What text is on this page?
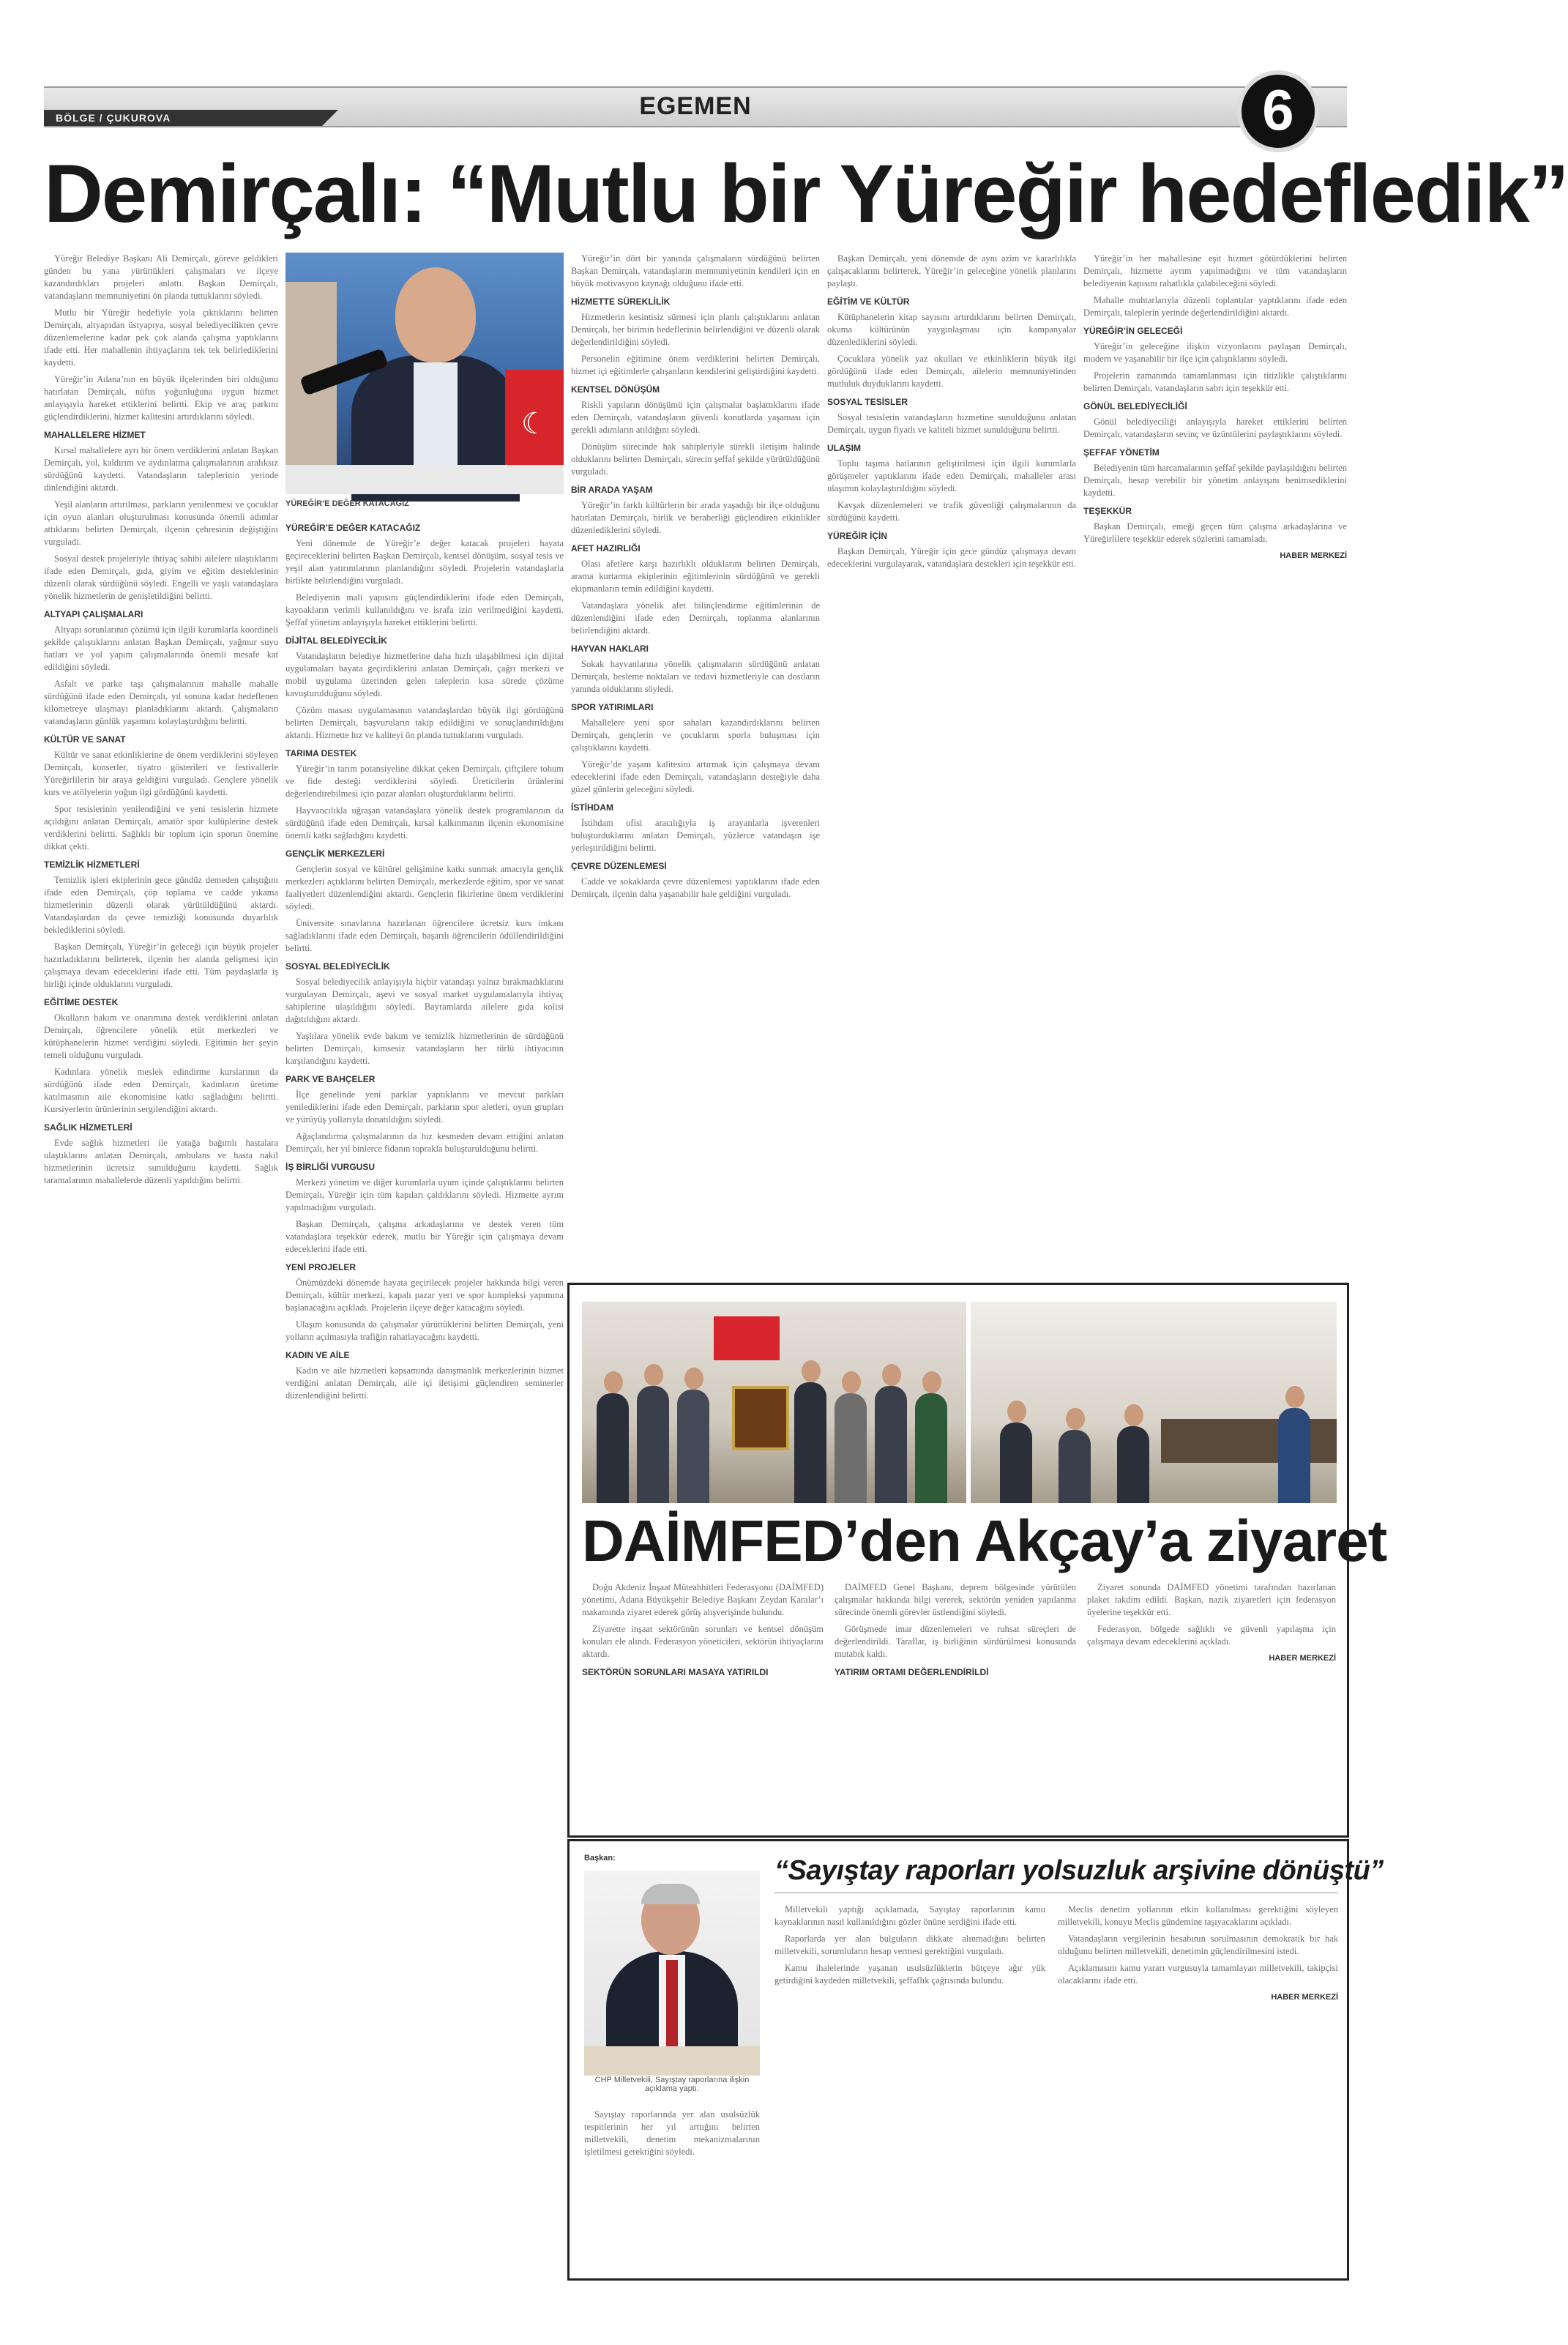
BÖLGE / ÇUKUROVA	EGEMEN	6
Demirçalı: “Mutlu bir Yüreğir hedefledik”

Yüreğir Belediye Başkanı Ali Demirçalı, göreve geldikleri günden bu yana yürüttükleri çalışmaları ve ilçeye kazandırdıkları projeleri anlattı. Başkan Demirçalı, vatandaşların memnuniyetini ön planda tuttuklarını söyledi.

Mutlu bir Yüreğir hedefiyle yola çıktıklarını belirten Demirçalı, altyapıdan üstyapıya, sosyal belediyecilikten çevre düzenlemelerine kadar pek çok alanda çalışma yaptıklarını ifade etti. Her mahallenin ihtiyaçlarını tek tek belirlediklerini kaydetti.

Yüreğir’in Adana’nın en büyük ilçelerinden biri olduğunu hatırlatan Demirçalı, nüfus yoğunluğuna uygun hizmet anlayışıyla hareket ettiklerini belirtti. Ekip ve araç parkını güçlendirdiklerini, hizmet kalitesini artırdıklarını söyledi.

MAHALLELERE HİZMET

Kırsal mahallelere ayrı bir önem verdiklerini anlatan Başkan Demirçalı, yol, kaldırım ve aydınlatma çalışmalarının aralıksız sürdüğünü kaydetti. Vatandaşların taleplerinin yerinde dinlendiğini aktardı.

Yeşil alanların artırılması, parkların yenilenmesi ve çocuklar için oyun alanları oluşturulması konusunda önemli adımlar attıklarını belirten Demirçalı, ilçenin çehresinin değiştiğini vurguladı.

Sosyal destek projeleriyle ihtiyaç sahibi ailelere ulaştıklarını ifade eden Demirçalı, gıda, giyim ve eğitim desteklerinin düzenli olarak sürdüğünü söyledi. Engelli ve yaşlı vatandaşlara yönelik hizmetlerin de genişletildiğini belirtti.

ALTYAPI ÇALIŞMALARI

Altyapı sorunlarının çözümü için ilgili kurumlarla koordineli şekilde çalıştıklarını anlatan Başkan Demirçalı, yağmur suyu hatları ve yol yapım çalışmalarında önemli mesafe kat edildiğini söyledi.

Asfalt ve parke taşı çalışmalarının mahalle mahalle sürdüğünü ifade eden Demirçalı, yıl sonuna kadar hedeflenen kilometreye ulaşmayı planladıklarını aktardı. Çalışmaların vatandaşların günlük yaşamını kolaylaştırdığını belirtti.

KÜLTÜR VE SANAT

Kültür ve sanat etkinliklerine de önem verdiklerini söyleyen Demirçalı, konserler, tiyatro gösterileri ve festivallerle Yüreğirlilerin bir araya geldiğini vurguladı. Gençlere yönelik kurs ve atölyelerin yoğun ilgi gördüğünü kaydetti.

Spor tesislerinin yenilendiğini ve yeni tesislerin hizmete açıldığını anlatan Demirçalı, amatör spor kulüplerine destek verdiklerini belirtti. Sağlıklı bir toplum için sporun önemine dikkat çekti.

TEMİZLİK HİZMETLERİ

Temizlik işleri ekiplerinin gece gündüz demeden çalıştığını ifade eden Demirçalı, çöp toplama ve cadde yıkama hizmetlerinin düzenli olarak yürütüldüğünü aktardı. Vatandaşlardan da çevre temizliği konusunda duyarlılık beklediklerini söyledi.

Başkan Demirçalı, Yüreğir’in geleceği için büyük projeler hazırladıklarını belirterek, ilçenin her alanda gelişmesi için çalışmaya devam edeceklerini ifade etti. Tüm paydaşlarla iş birliği içinde olduklarını vurguladı.

EĞİTİME DESTEK

Okulların bakım ve onarımına destek verdiklerini anlatan Demirçalı, öğrencilere yönelik etüt merkezleri ve kütüphanelerin hizmet verdiğini söyledi. Eğitimin her şeyin temeli olduğunu vurguladı.

Kadınlara yönelik meslek edindirme kurslarının da sürdüğünü ifade eden Demirçalı, kadınların üretime katılmasının aile ekonomisine katkı sağladığını belirtti. Kursiyerlerin ürünlerinin sergilendiğini aktardı.

SAĞLIK HİZMETLERİ

Evde sağlık hizmetleri ile yatağa bağımlı hastalara ulaştıklarını anlatan Demirçalı, ambulans ve hasta nakil hizmetlerinin ücretsiz sunulduğunu kaydetti. Sağlık taramalarının mahallelerde düzenli yapıldığını belirtti.

☾
YÜREĞİR’E DEĞER KATACAĞIZ
YÜREĞİR’E DEĞER KATACAĞIZ

Yeni dönemde de Yüreğir’e değer katacak projeleri hayata geçireceklerini belirten Başkan Demirçalı, kentsel dönüşüm, sosyal tesis ve yeşil alan yatırımlarının planlandığını söyledi. Projelerin vatandaşlarla birlikte belirlendiğini vurguladı.

Belediyenin mali yapısını güçlendirdiklerini ifade eden Demirçalı, kaynakların verimli kullanıldığını ve israfa izin verilmediğini kaydetti. Şeffaf yönetim anlayışıyla hareket ettiklerini belirtti.

DİJİTAL BELEDİYECİLİK

Vatandaşların belediye hizmetlerine daha hızlı ulaşabilmesi için dijital uygulamaları hayata geçirdiklerini anlatan Demirçalı, çağrı merkezi ve mobil uygulama üzerinden gelen taleplerin kısa sürede çözüme kavuşturulduğunu söyledi.

Çözüm masası uygulamasının vatandaşlardan büyük ilgi gördüğünü belirten Demirçalı, başvuruların takip edildiğini ve sonuçlandırıldığını aktardı. Hizmette hız ve kaliteyi ön planda tuttuklarını vurguladı.

TARIMA DESTEK

Yüreğir’in tarım potansiyeline dikkat çeken Demirçalı, çiftçilere tohum ve fide desteği verdiklerini söyledi. Üreticilerin ürünlerini değerlendirebilmesi için pazar alanları oluşturduklarını belirtti.

Hayvancılıkla uğraşan vatandaşlara yönelik destek programlarının da sürdüğünü ifade eden Demirçalı, kırsal kalkınmanın ilçenin ekonomisine önemli katkı sağladığını kaydetti.

GENÇLİK MERKEZLERİ

Gençlerin sosyal ve kültürel gelişimine katkı sunmak amacıyla gençlik merkezleri açtıklarını belirten Demirçalı, merkezlerde eğitim, spor ve sanat faaliyetleri düzenlendiğini aktardı. Gençlerin fikirlerine önem verdiklerini söyledi.

Üniversite sınavlarına hazırlanan öğrencilere ücretsiz kurs imkanı sağladıklarını ifade eden Demirçalı, başarılı öğrencilerin ödüllendirildiğini belirtti.

SOSYAL BELEDİYECİLİK

Sosyal belediyecilik anlayışıyla hiçbir vatandaşı yalnız bırakmadıklarını vurgulayan Demirçalı, aşevi ve sosyal market uygulamalarıyla ihtiyaç sahiplerine ulaşıldığını söyledi. Bayramlarda ailelere gıda kolisi dağıtıldığını aktardı.

Yaşlılara yönelik evde bakım ve temizlik hizmetlerinin de sürdüğünü belirten Demirçalı, kimsesiz vatandaşların her türlü ihtiyacının karşılandığını kaydetti.

PARK VE BAHÇELER

İlçe genelinde yeni parklar yaptıklarını ve mevcut parkları yenilediklerini ifade eden Demirçalı, parkların spor aletleri, oyun grupları ve yürüyüş yollarıyla donatıldığını söyledi.

Ağaçlandırma çalışmalarının da hız kesmeden devam ettiğini anlatan Demirçalı, her yıl binlerce fidanın toprakla buluşturulduğunu belirtti.

İŞ BİRLİĞİ VURGUSU

Merkezi yönetim ve diğer kurumlarla uyum içinde çalıştıklarını belirten Demirçalı, Yüreğir için tüm kapıları çaldıklarını söyledi. Hizmette ayrım yapılmadığını vurguladı.

Başkan Demirçalı, çalışma arkadaşlarına ve destek veren tüm vatandaşlara teşekkür ederek, mutlu bir Yüreğir için çalışmaya devam edeceklerini ifade etti.

YENİ PROJELER

Önümüzdeki dönemde hayata geçirilecek projeler hakkında bilgi veren Demirçalı, kültür merkezi, kapalı pazar yeri ve spor kompleksi yapımına başlanacağını açıkladı. Projelerin ilçeye değer katacağını söyledi.

Ulaşım konusunda da çalışmalar yürüttüklerini belirten Demirçalı, yeni yolların açılmasıyla trafiğin rahatlayacağını kaydetti.

KADIN VE AİLE

Kadın ve aile hizmetleri kapsamında danışmanlık merkezlerinin hizmet verdiğini anlatan Demirçalı, aile içi iletişimi güçlendiren seminerler düzenlendiğini belirtti.

Yüreğir’in dört bir yanında çalışmaların sürdüğünü belirten Başkan Demirçalı, vatandaşların memnuniyetinin kendileri için en büyük motivasyon kaynağı olduğunu ifade etti.

HİZMETTE SÜREKLİLİK

Hizmetlerin kesintisiz sürmesi için planlı çalıştıklarını anlatan Demirçalı, her birimin hedeflerinin belirlendiğini ve düzenli olarak değerlendirildiğini söyledi.

Personelin eğitimine önem verdiklerini belirten Demirçalı, hizmet içi eğitimlerle çalışanların kendilerini geliştirdiğini kaydetti.

KENTSEL DÖNÜŞÜM

Riskli yapıların dönüşümü için çalışmalar başlattıklarını ifade eden Demirçalı, vatandaşların güvenli konutlarda yaşaması için gerekli adımların atıldığını söyledi.

Dönüşüm sürecinde hak sahipleriyle sürekli iletişim halinde olduklarını belirten Demirçalı, sürecin şeffaf şekilde yürütüldüğünü vurguladı.

BİR ARADA YAŞAM

Yüreğir’in farklı kültürlerin bir arada yaşadığı bir ilçe olduğunu hatırlatan Demirçalı, birlik ve beraberliği güçlendiren etkinlikler düzenlediklerini söyledi.

AFET HAZIRLIĞI

Olası afetlere karşı hazırlıklı olduklarını belirten Demirçalı, arama kurtarma ekiplerinin eğitimlerinin sürdüğünü ve gerekli ekipmanların temin edildiğini kaydetti.

Vatandaşlara yönelik afet bilinçlendirme eğitimlerinin de düzenlendiğini ifade eden Demirçalı, toplanma alanlarının belirlendiğini aktardı.

HAYVAN HAKLARI

Sokak hayvanlarına yönelik çalışmaların sürdüğünü anlatan Demirçalı, besleme noktaları ve tedavi hizmetleriyle can dostların yanında olduklarını söyledi.

SPOR YATIRIMLARI

Mahallelere yeni spor sahaları kazandırdıklarını belirten Demirçalı, gençlerin ve çocukların sporla buluşması için çalıştıklarını kaydetti.

Yüreğir’de yaşam kalitesini artırmak için çalışmaya devam edeceklerini ifade eden Demirçalı, vatandaşların desteğiyle daha güzel günlerin geleceğini söyledi.

İSTİHDAM

İstihdam ofisi aracılığıyla iş arayanlarla işverenleri buluşturduklarını anlatan Demirçalı, yüzlerce vatandaşın işe yerleştirildiğini belirtti.

ÇEVRE DÜZENLEMESİ

Cadde ve sokaklarda çevre düzenlemesi yaptıklarını ifade eden Demirçalı, ilçenin daha yaşanabilir hale geldiğini vurguladı.

Başkan Demirçalı, yeni dönemde de aynı azim ve kararlılıkla çalışacaklarını belirterek, Yüreğir’in geleceğine yönelik planlarını paylaştı.

EĞİTİM VE KÜLTÜR

Kütüphanelerin kitap sayısını artırdıklarını belirten Demirçalı, okuma kültürünün yaygınlaşması için kampanyalar düzenlediklerini söyledi.

Çocuklara yönelik yaz okulları ve etkinliklerin büyük ilgi gördüğünü ifade eden Demirçalı, ailelerin memnuniyetinden mutluluk duyduklarını kaydetti.

SOSYAL TESİSLER

Sosyal tesislerin vatandaşların hizmetine sunulduğunu anlatan Demirçalı, uygun fiyatlı ve kaliteli hizmet sunulduğunu belirtti.

ULAŞIM

Toplu taşıma hatlarının geliştirilmesi için ilgili kurumlarla görüşmeler yaptıklarını ifade eden Demirçalı, mahalleler arası ulaşımın kolaylaştırıldığını söyledi.

Kavşak düzenlemeleri ve trafik güvenliği çalışmalarının da sürdüğünü kaydetti.

YÜREĞİR İÇİN

Başkan Demirçalı, Yüreğir için gece gündüz çalışmaya devam edeceklerini vurgulayarak, vatandaşlara destekleri için teşekkür etti.

Yüreğir’in her mahallesine eşit hizmet götürdüklerini belirten Demirçalı, hizmette ayrım yapılmadığını ve tüm vatandaşların belediyenin kapısını rahatlıkla çalabileceğini söyledi.

Mahalle muhtarlarıyla düzenli toplantılar yaptıklarını ifade eden Demirçalı, taleplerin yerinde değerlendirildiğini aktardı.

YÜREĞİR’İN GELECEĞİ

Yüreğir’in geleceğine ilişkin vizyonlarını paylaşan Demirçalı, modern ve yaşanabilir bir ilçe için çalıştıklarını söyledi.

Projelerin zamanında tamamlanması için titizlikle çalıştıklarını belirten Demirçalı, vatandaşların sabrı için teşekkür etti.

GÖNÜL BELEDİYECİLİĞİ

Gönül belediyeciliği anlayışıyla hareket ettiklerini belirten Demirçalı, vatandaşların sevinç ve üzüntülerini paylaştıklarını söyledi.

ŞEFFAF YÖNETİM

Belediyenin tüm harcamalarının şeffaf şekilde paylaşıldığını belirten Demirçalı, hesap verebilir bir yönetim anlayışını benimsediklerini kaydetti.

TEŞEKKÜR

Başkan Demirçalı, emeği geçen tüm çalışma arkadaşlarına ve Yüreğirlilere teşekkür ederek sözlerini tamamladı.

HABER MERKEZİ

DAİMFED’den Akçay’a ziyaret

Doğu Akdeniz İnşaat Müteahhitleri Federasyonu (DAİMFED) yönetimi, Adana Büyükşehir Belediye Başkanı Zeydan Karalar’ı makamında ziyaret ederek görüş alışverişinde bulundu.

Ziyarette inşaat sektörünün sorunları ve kentsel dönüşüm konuları ele alındı. Federasyon yöneticileri, sektörün ihtiyaçlarını aktardı.

SEKTÖRÜN SORUNLARI MASAYA YATIRILDI

DAİMFED Genel Başkanı, deprem bölgesinde yürütülen çalışmalar hakkında bilgi vererek, sektörün yeniden yapılanma sürecinde önemli görevler üstlendiğini söyledi.

Görüşmede imar düzenlemeleri ve ruhsat süreçleri de değerlendirildi. Taraflar, iş birliğinin sürdürülmesi konusunda mutabık kaldı.

YATIRIM ORTAMI DEĞERLENDİRİLDİ

Ziyaret sonunda DAİMFED yönetimi tarafından hazırlanan plaket takdim edildi. Başkan, nazik ziyaretleri için federasyon üyelerine teşekkür etti.

Federasyon, bölgede sağlıklı ve güvenli yapılaşma için çalışmaya devam edeceklerini açıkladı.

HABER MERKEZİ

Başkan:
CHP Milletvekili, Sayıştay raporlarına ilişkin açıklama yaptı.

Sayıştay raporlarında yer alan usulsüzlük tespitlerinin her yıl arttığını belirten milletvekili, denetim mekanizmalarının işletilmesi gerektiğini söyledi.

“Sayıştay raporları yolsuzluk arşivine dönüştü”

Milletvekili yaptığı açıklamada, Sayıştay raporlarının kamu kaynaklarının nasıl kullanıldığını gözler önüne serdiğini ifade etti.

Raporlarda yer alan bulguların dikkate alınmadığını belirten milletvekili, sorumluların hesap vermesi gerektiğini vurguladı.

Kamu ihalelerinde yaşanan usulsüzlüklerin bütçeye ağır yük getirdiğini kaydeden milletvekili, şeffaflık çağrısında bulundu.

Meclis denetim yollarının etkin kullanılması gerektiğini söyleyen milletvekili, konuyu Meclis gündemine taşıyacaklarını açıkladı.

Vatandaşların vergilerinin hesabının sorulmasının demokratik bir hak olduğunu belirten milletvekili, denetimin güçlendirilmesini istedi.

Açıklamasını kamu yararı vurgusuyla tamamlayan milletvekili, takipçisi olacaklarını ifade etti.

HABER MERKEZİ
